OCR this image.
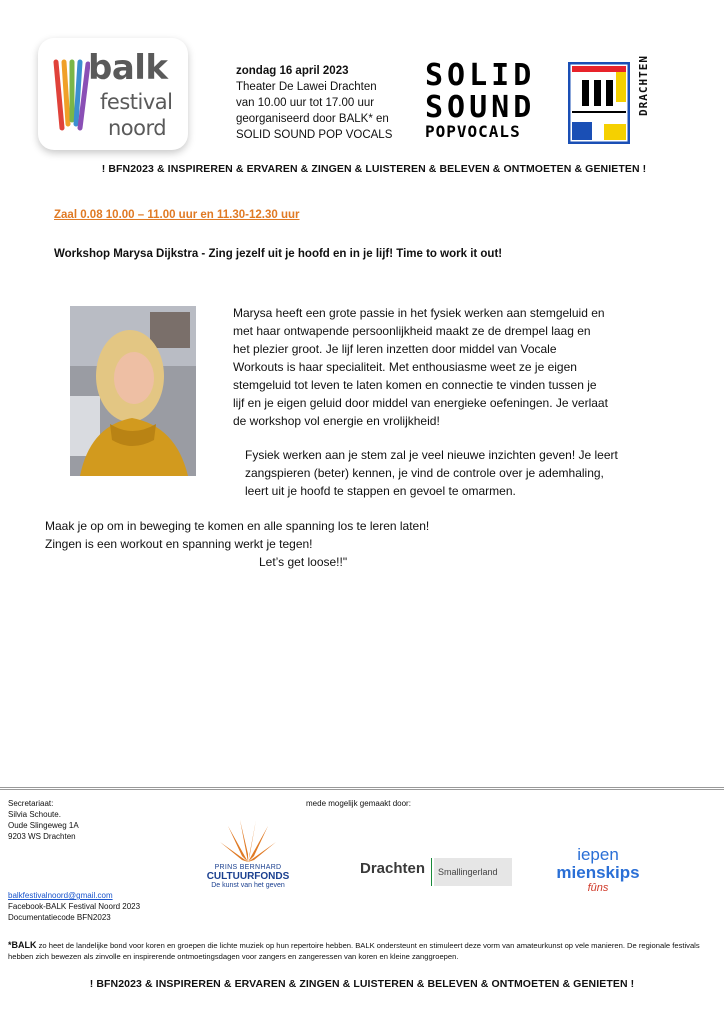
balk
festival
noord
zondag 16 april 2023
Theater De Lawei Drachten
van 10.00 uur tot 17.00 uur
georganiseerd door BALK* en
SOLID SOUND POP VOCALS
SOLID
SOUND
POPVOCALS
DRACHTEN
! BFN2023 & INSPIREREN & ERVAREN & ZINGEN & LUISTEREN & BELEVEN & ONTMOETEN & GENIETEN !
Zaal 0.08 10.00 – 11.00 uur en 11.30-12.30 uur
Workshop Marysa Dijkstra - Zing jezelf uit je hoofd en in je lijf! Time to work it out!
Marysa heeft een grote passie in het fysiek werken aan stemgeluid en
met haar ontwapende persoonlijkheid maakt ze de drempel laag en
het plezier groot. Je lijf leren inzetten door middel van Vocale
Workouts is haar specialiteit. Met enthousiasme weet ze je eigen
stemgeluid tot leven te laten komen en connectie te vinden tussen je
lijf en je eigen geluid door middel van energieke oefeningen. Je verlaat
de workshop vol energie en vrolijkheid!
Fysiek werken aan je stem zal je veel nieuwe inzichten geven! Je leert
zangspieren (beter) kennen, je vind de controle over je ademhaling,
leert uit je hoofd te stappen en gevoel te omarmen.
Maak je op om in beweging te komen en alle spanning los te leren laten!
Zingen is een workout en spanning werkt je tegen!
Let’s get loose!!"
Secretariaat:
Silvia Schoute.
Oude Slingeweg 1A
9203 WS Drachten
mede mogelijk gemaakt door:
PRINS BERNHARD
CULTUURFONDS
De kunst van het geven
Drachten	Smallingerland
iepen
mienskips
fûns
balkfestivalnoord@gmail.com
Facebook-BALK Festival Noord 2023
Documentatiecode BFN2023
*BALK zo heet de landelijke bond voor koren en groepen die lichte muziek op hun repertoire hebben. BALK ondersteunt en stimuleert deze vorm van amateurkunst op vele manieren. De regionale festivals hebben zich bewezen als zinvolle en inspirerende ontmoetingsdagen voor zangers en zangeressen van koren en kleine zanggroepen.
! BFN2023 & INSPIREREN & ERVAREN & ZINGEN & LUISTEREN & BELEVEN & ONTMOETEN & GENIETEN !
